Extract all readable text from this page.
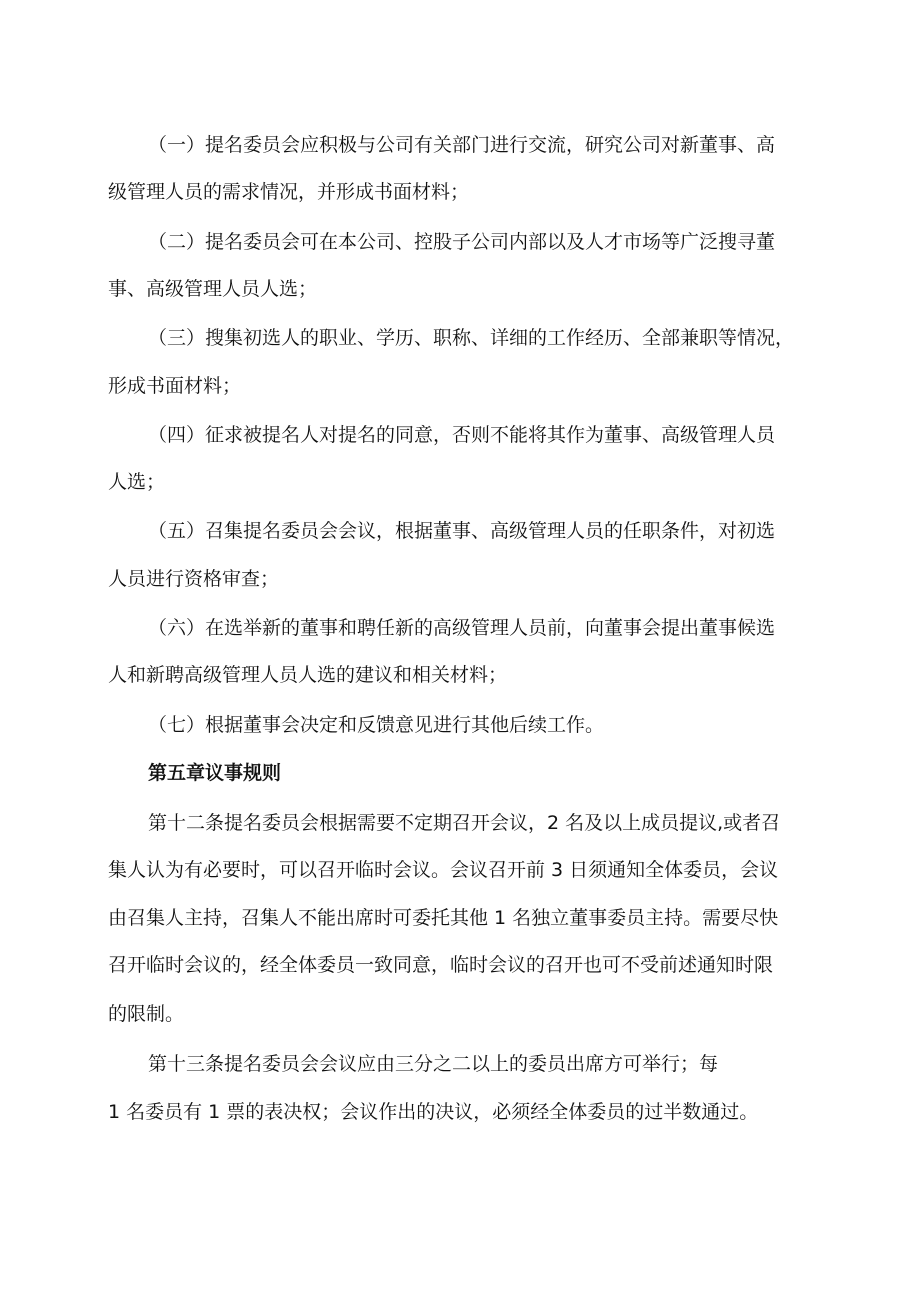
（一）提名委员会应积极与公司有关部门进行交流，研究公司对新董事、高
级管理人员的需求情况，并形成书面材料；
（二）提名委员会可在本公司、控股子公司内部以及人才市场等广泛搜寻董
事、高级管理人员人选；
（三）搜集初选人的职业、学历、职称、详细的工作经历、全部兼职等情况，
形成书面材料；
（四）征求被提名人对提名的同意，否则不能将其作为董事、高级管理人员
人选；
（五）召集提名委员会会议，根据董事、高级管理人员的任职条件，对初选
人员进行资格审查；
（六）在选举新的董事和聘任新的高级管理人员前，向董事会提出董事候选
人和新聘高级管理人员人选的建议和相关材料；
（七）根据董事会决定和反馈意见进行其他后续工作。
第五章议事规则
第十二条提名委员会根据需要不定期召开会议，2 名及以上成员提议,或者召
集人认为有必要时，可以召开临时会议。会议召开前 3 日须通知全体委员，会议
由召集人主持，召集人不能出席时可委托其他 1 名独立董事委员主持。需要尽快
召开临时会议的，经全体委员一致同意，临时会议的召开也可不受前述通知时限
的限制。
第十三条提名委员会会议应由三分之二以上的委员出席方可举行；每
1 名委员有 1 票的表决权；会议作出的决议，必须经全体委员的过半数通过。
